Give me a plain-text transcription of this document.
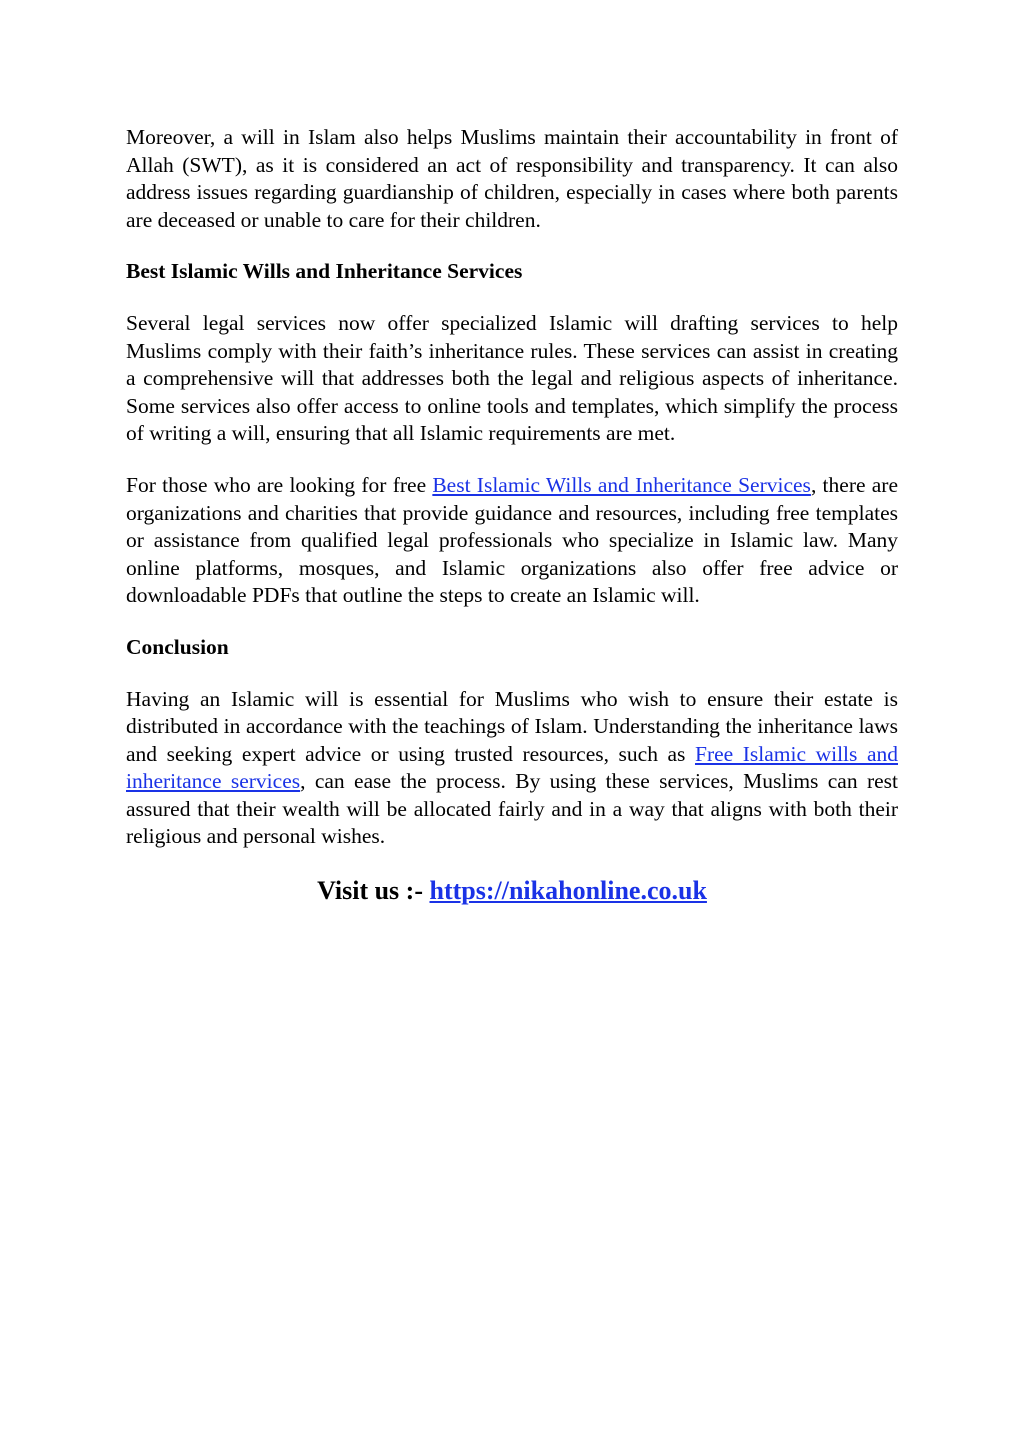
Moreover, a will in Islam also helps Muslims maintain their accountability in front of Allah (SWT), as it is considered an act of responsibility and transparency. It can also address issues regarding guardianship of children, especially in cases where both parents are deceased or unable to care for their children.

Best Islamic Wills and Inheritance Services

Several legal services now offer specialized Islamic will drafting services to help Muslims comply with their faith’s inheritance rules. These services can assist in creating a comprehensive will that addresses both the legal and religious aspects of inheritance. Some services also offer access to online tools and templates, which simplify the process of writing a will, ensuring that all Islamic requirements are met.

For those who are looking for free Best Islamic Wills and Inheritance Services, there are organizations and charities that provide guidance and resources, including free templates or assistance from qualified legal professionals who specialize in Islamic law. Many online platforms, mosques, and Islamic organizations also offer free advice or downloadable PDFs that outline the steps to create an Islamic will.

Conclusion

Having an Islamic will is essential for Muslims who wish to ensure their estate is distributed in accordance with the teachings of Islam. Understanding the inheritance laws and seeking expert advice or using trusted resources, such as Free Islamic wills and inheritance services, can ease the process. By using these services, Muslims can rest assured that their wealth will be allocated fairly and in a way that aligns with both their religious and personal wishes.

Visit us :- https://nikahonline.co.uk
